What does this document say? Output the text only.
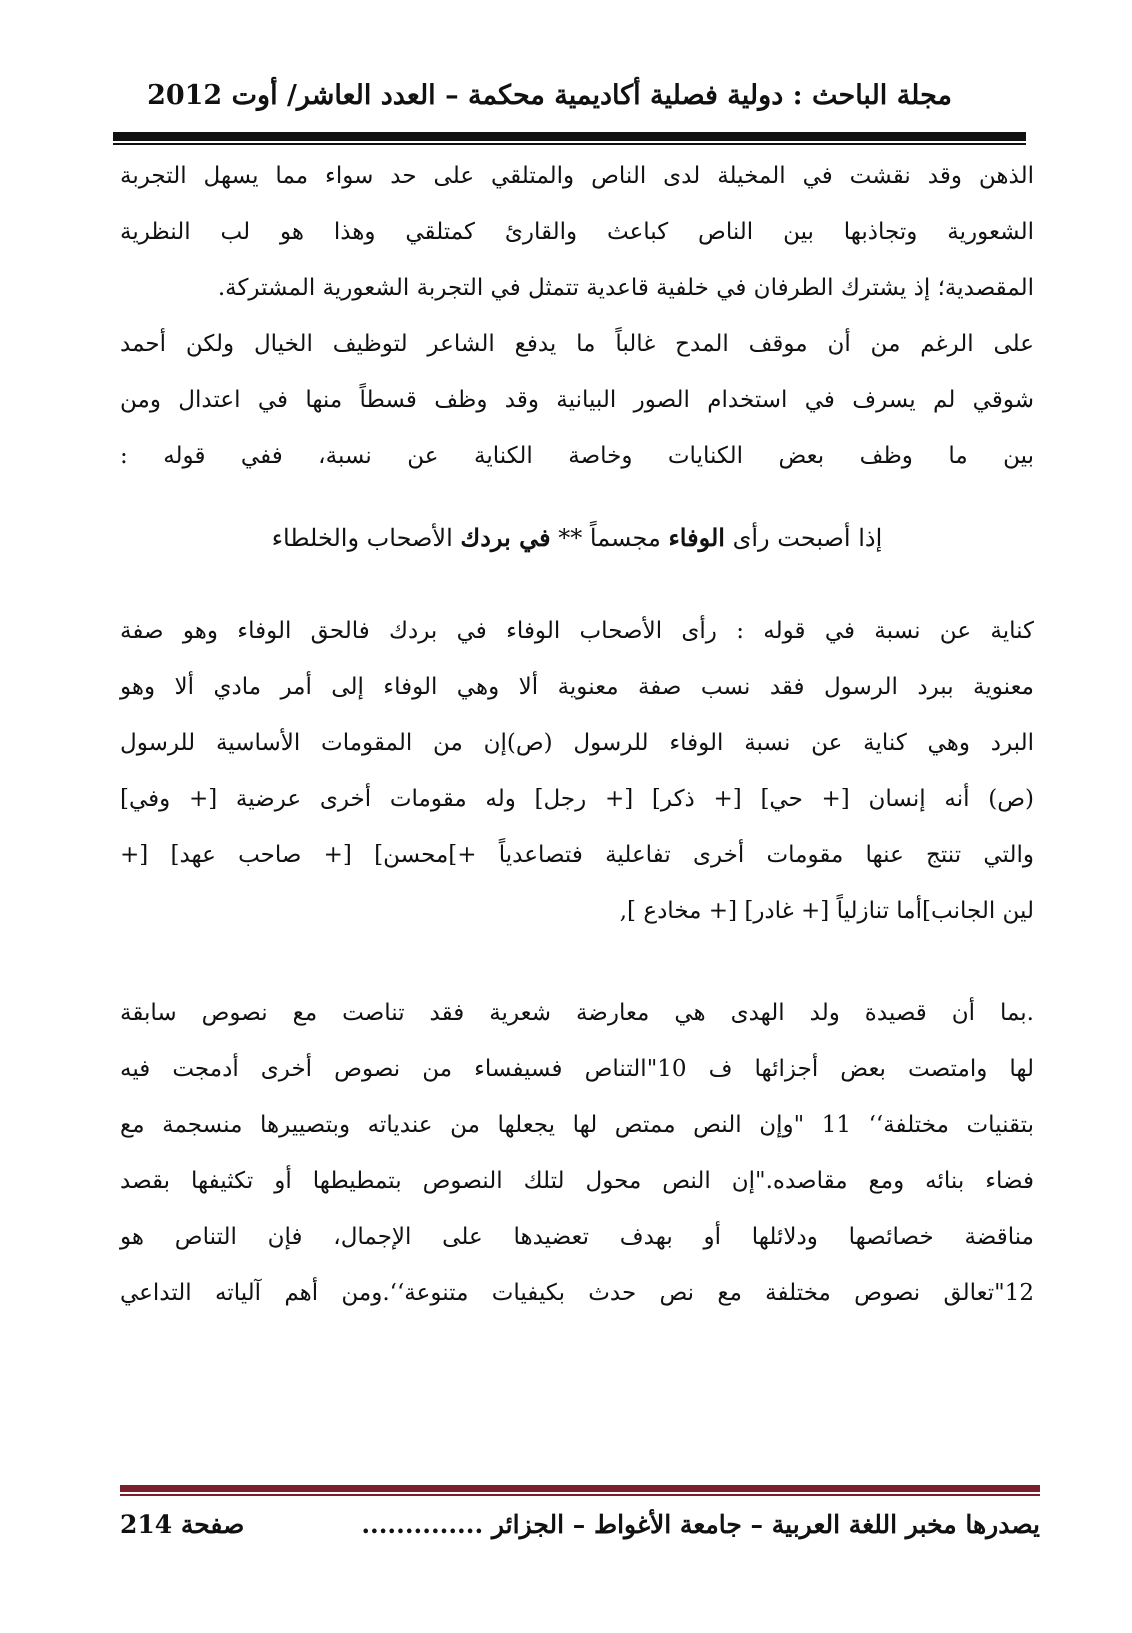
مجلة الباحث : دولية فصلية أكاديمية محكمة – العدد العاشر/ أوت 2012
الذهن وقد نقشت في المخيلة لدى الناص والمتلقي على حد سواء مما يسهل التجربة
الشعورية وتجاذبها بين الناص كباعث والقارئ كمتلقي وهذا هو لب النظرية
المقصدية؛ إذ يشترك الطرفان في خلفية قاعدية تتمثل في التجربة الشعورية المشتركة.
على الرغم من أن موقف المدح غالباً ما يدفع الشاعر لتوظيف الخيال ولكن أحمد
شوقي لم يسرف في استخدام الصور البيانية وقد وظف قسطاً منها في اعتدال ومن
بين ما وظف بعض الكنايات وخاصة الكناية عن نسبة، ففي قوله :
إذا أصبحت رأى الوفاء مجسماً ** في بردك الأصحاب والخلطاء
كناية عن نسبة في قوله : رأى الأصحاب الوفاء في بردك فالحق الوفاء وهو صفة
معنوية ببرد الرسول فقد نسب صفة معنوية ألا وهي الوفاء إلى أمر مادي ألا وهو
البرد وهي كناية عن نسبة الوفاء للرسول (ص)إن من المقومات الأساسية للرسول
(ص) أنه إنسان [+ حي] [+ ذكر] [+ رجل] وله مقومات أخرى عرضية [+ وفي]
والتي تنتج عنها مقومات أخرى تفاعلية فتصاعدياً +]محسن] [+ صاحب عهد] [+
لين الجانب]أما تنازلياً [+ غادر] [+ مخادع ],
.بما أن قصيدة ولد الهدى هي معارضة شعرية فقد تناصت مع نصوص سابقة
لها وامتصت بعض أجزائها ف 10"التناص فسيفساء من نصوص أخرى أدمجت فيه
بتقنيات مختلفة‘‘ 11 "وإن النص ممتص لها يجعلها من عندياته وبتصييرها منسجمة مع
فضاء بنائه ومع مقاصده."إن النص محول لتلك النصوص بتمطيطها أو تكثيفها بقصد
مناقضة خصائصها ودلائلها أو بهدف تعضيدها على الإجمال، فإن التناص هو
12"تعالق نصوص مختلفة مع نص حدث بكيفيات متنوعة‘‘.ومن أهم آلياته التداعي
يصدرها مخبر اللغة العربية – جامعة الأغواط – الجزائر ..............
صفحة 214
